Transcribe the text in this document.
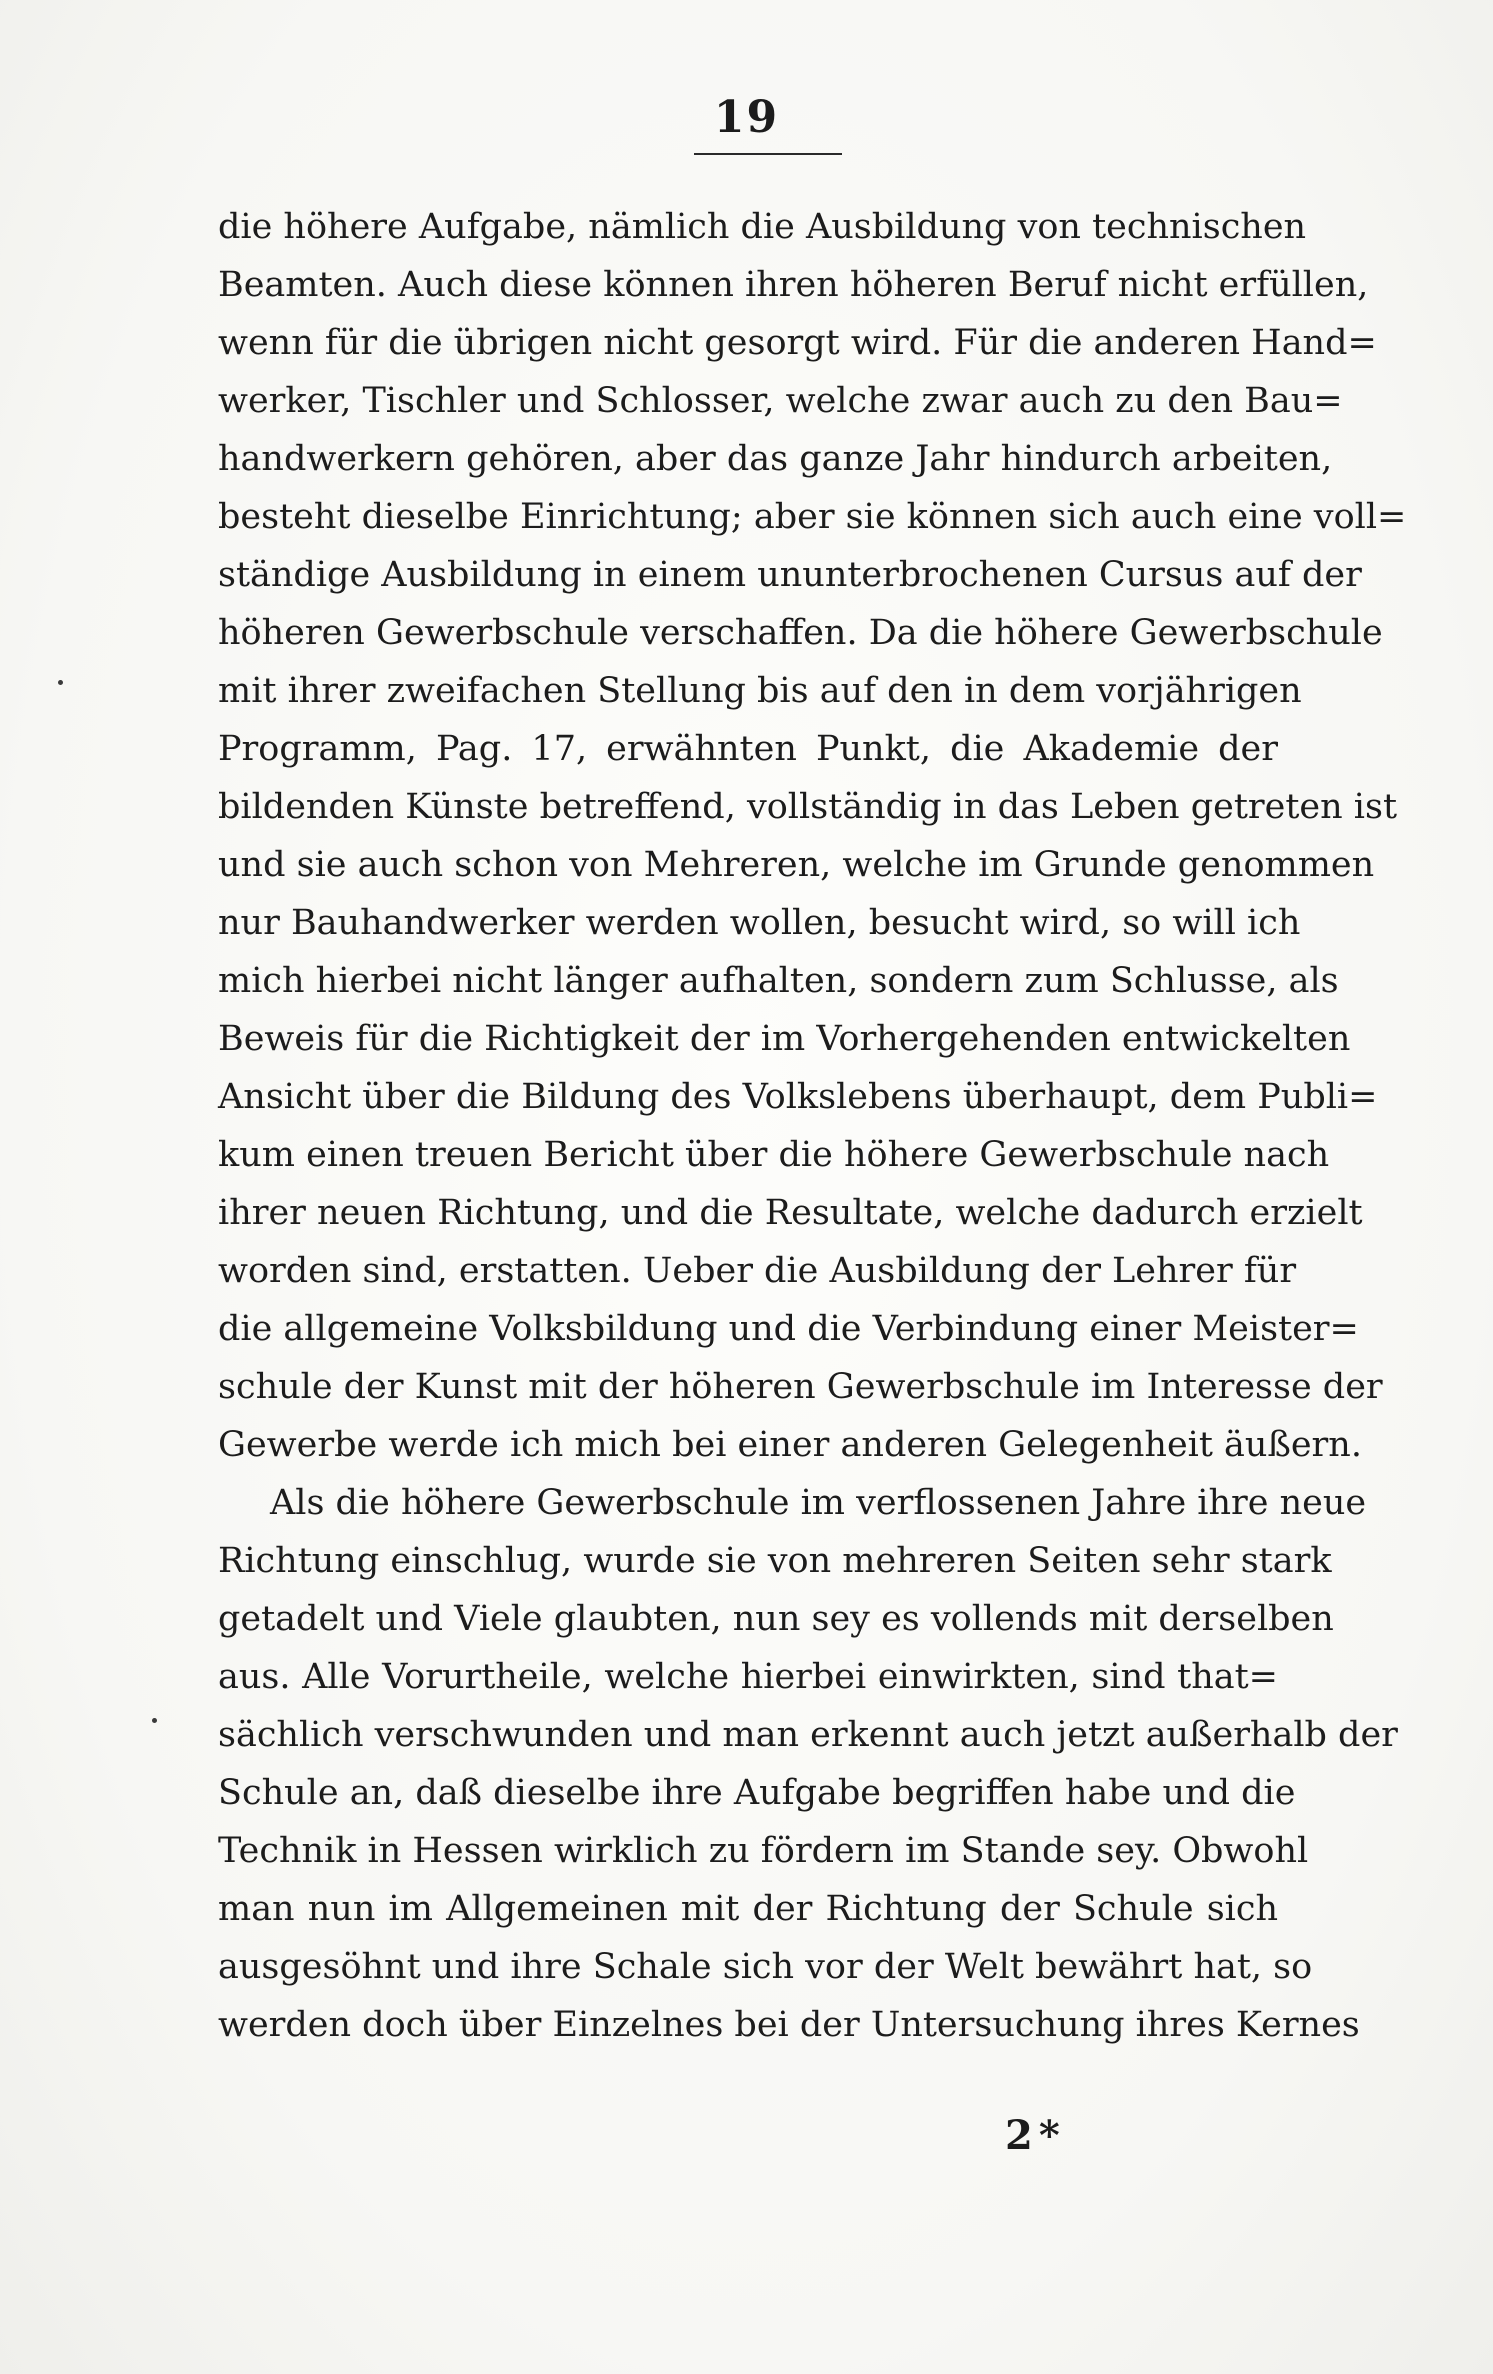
19
die höhere Aufgabe, nämlich die Ausbildung von technischen
Beamten. Auch diese können ihren höheren Beruf nicht erfüllen,
wenn für die übrigen nicht gesorgt wird. Für die anderen Hand=
werker, Tischler und Schlosser, welche zwar auch zu den Bau=
handwerkern gehören, aber das ganze Jahr hindurch arbeiten,
besteht dieselbe Einrichtung; aber sie können sich auch eine voll=
ständige Ausbildung in einem ununterbrochenen Cursus auf der
höheren Gewerbschule verschaffen. Da die höhere Gewerbschule
mit ihrer zweifachen Stellung bis auf den in dem vorjährigen
Programm, Pag. 17, erwähnten Punkt, die Akademie der
bildenden Künste betreffend, vollständig in das Leben getreten ist
und sie auch schon von Mehreren, welche im Grunde genommen
nur Bauhandwerker werden wollen, besucht wird, so will ich
mich hierbei nicht länger aufhalten, sondern zum Schlusse, als
Beweis für die Richtigkeit der im Vorhergehenden entwickelten
Ansicht über die Bildung des Volkslebens überhaupt, dem Publi=
kum einen treuen Bericht über die höhere Gewerbschule nach
ihrer neuen Richtung, und die Resultate, welche dadurch erzielt
worden sind, erstatten. Ueber die Ausbildung der Lehrer für
die allgemeine Volksbildung und die Verbindung einer Meister=
schule der Kunst mit der höheren Gewerbschule im Interesse der
Gewerbe werde ich mich bei einer anderen Gelegenheit äußern.
Als die höhere Gewerbschule im verflossenen Jahre ihre neue
Richtung einschlug, wurde sie von mehreren Seiten sehr stark
getadelt und Viele glaubten, nun sey es vollends mit derselben
aus. Alle Vorurtheile, welche hierbei einwirkten, sind that=
sächlich verschwunden und man erkennt auch jetzt außerhalb der
Schule an, daß dieselbe ihre Aufgabe begriffen habe und die
Technik in Hessen wirklich zu fördern im Stande sey. Obwohl
man nun im Allgemeinen mit der Richtung der Schule sich
ausgesöhnt und ihre Schale sich vor der Welt bewährt hat, so
werden doch über Einzelnes bei der Untersuchung ihres Kernes
2*
